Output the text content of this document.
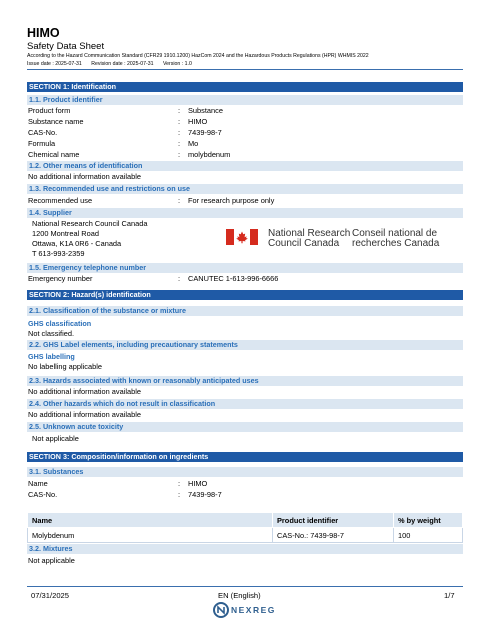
HIMO
Safety Data Sheet
According to the Hazard Communication Standard (CFR29 1910.1200) HazCom 2024 and the Hazardous Products Regulations (HPR) WHMIS 2022
Issue date : 2025-07-31 Revision date : 2025-07-31 Version : 1.0
SECTION 1: Identification
1.1. Product identifier
Product form	: Substance
Substance name	: HIMO
CAS-No.	: 7439-98-7
Formula	: Mo
Chemical name	: molybdenum
1.2. Other means of identification
No additional information available
1.3. Recommended use and restrictions on use
Recommended use	: For research purpose only
1.4. Supplier
National Research Council Canada
1200 Montreal Road
Ottawa, K1A 0R6 - Canada
T 613-993-2359
National Research
Council Canada
Conseil national de
recherches Canada
1.5. Emergency telephone number
Emergency number	: CANUTEC 1-613-996-6666
SECTION 2: Hazard(s) identification
2.1. Classification of the substance or mixture
GHS classification
Not classified.
2.2. GHS Label elements, including precautionary statements
GHS labelling
No labelling applicable
2.3. Hazards associated with known or reasonably anticipated uses
No additional information available
2.4. Other hazards which do not result in classification
No additional information available
2.5. Unknown acute toxicity
Not applicable
SECTION 3: Composition/information on ingredients
3.1. Substances
Name	: HIMO
CAS-No.	: 7439-98-7
Name	Product identifier	% by weight
Molybdenum	CAS-No.: 7439-98-7	100
3.2. Mixtures
Not applicable
07/31/2025	EN (English)	1/7
NEXREG
